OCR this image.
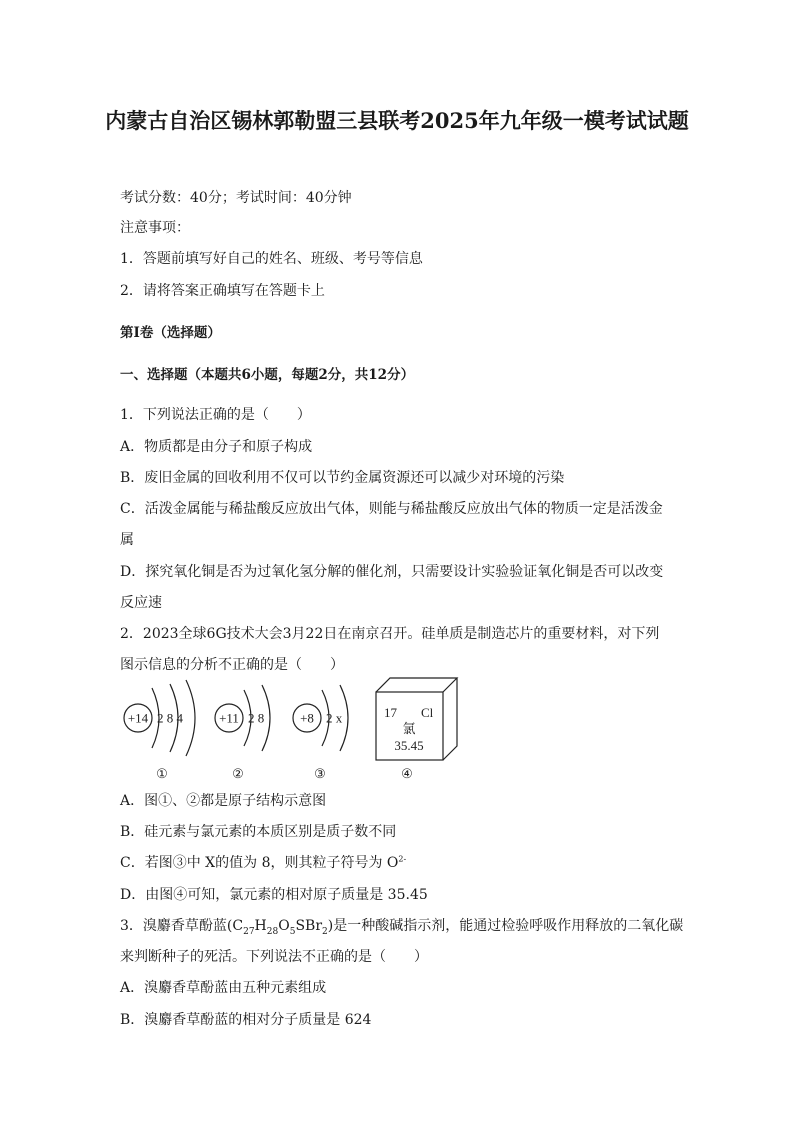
内蒙古自治区锡林郭勒盟三县联考2025年九年级一模考试试题
考试分数：40分；考试时间：40分钟
注意事项：
1．答题前填写好自己的姓名、班级、考号等信息
2．请将答案正确填写在答题卡上
第I卷（选择题）
一、选择题（本题共6小题，每题2分，共12分）
1．下列说法正确的是（　　）
A．物质都是由分子和原子构成
B．废旧金属的回收利用不仅可以节约金属资源还可以减少对环境的污染
C．活泼金属能与稀盐酸反应放出气体，则能与稀盐酸反应放出气体的物质一定是活泼金
属
D．探究氧化铜是否为过氧化氢分解的催化剂，只需要设计实验验证氧化铜是否可以改变
反应速
2．2023全球6G技术大会3月22日在南京召开。硅单质是制造芯片的重要材料，对下列
图示信息的分析不正确的是（　　）
+14 2 8 4	+11 2 8	+8 2 x	17 Cl
氯
35.45
①	②	③	④
A．图①、②都是原子结构示意图
B．硅元素与氯元素的本质区别是质子数不同
C．若图③中 X的值为 8，则其粒子符号为 $O^{2-}$
D．由图④可知，氯元素的相对原子质量是 35.45
3．溴麝香草酚蓝$(C_{27}H_{28}O_5SBr_2)$是一种酸碱指示剂，能通过检验呼吸作用释放的二氧化碳
来判断种子的死活。下列说法不正确的是（　　）
A．溴麝香草酚蓝由五种元素组成
B．溴麝香草酚蓝的相对分子质量是 624
